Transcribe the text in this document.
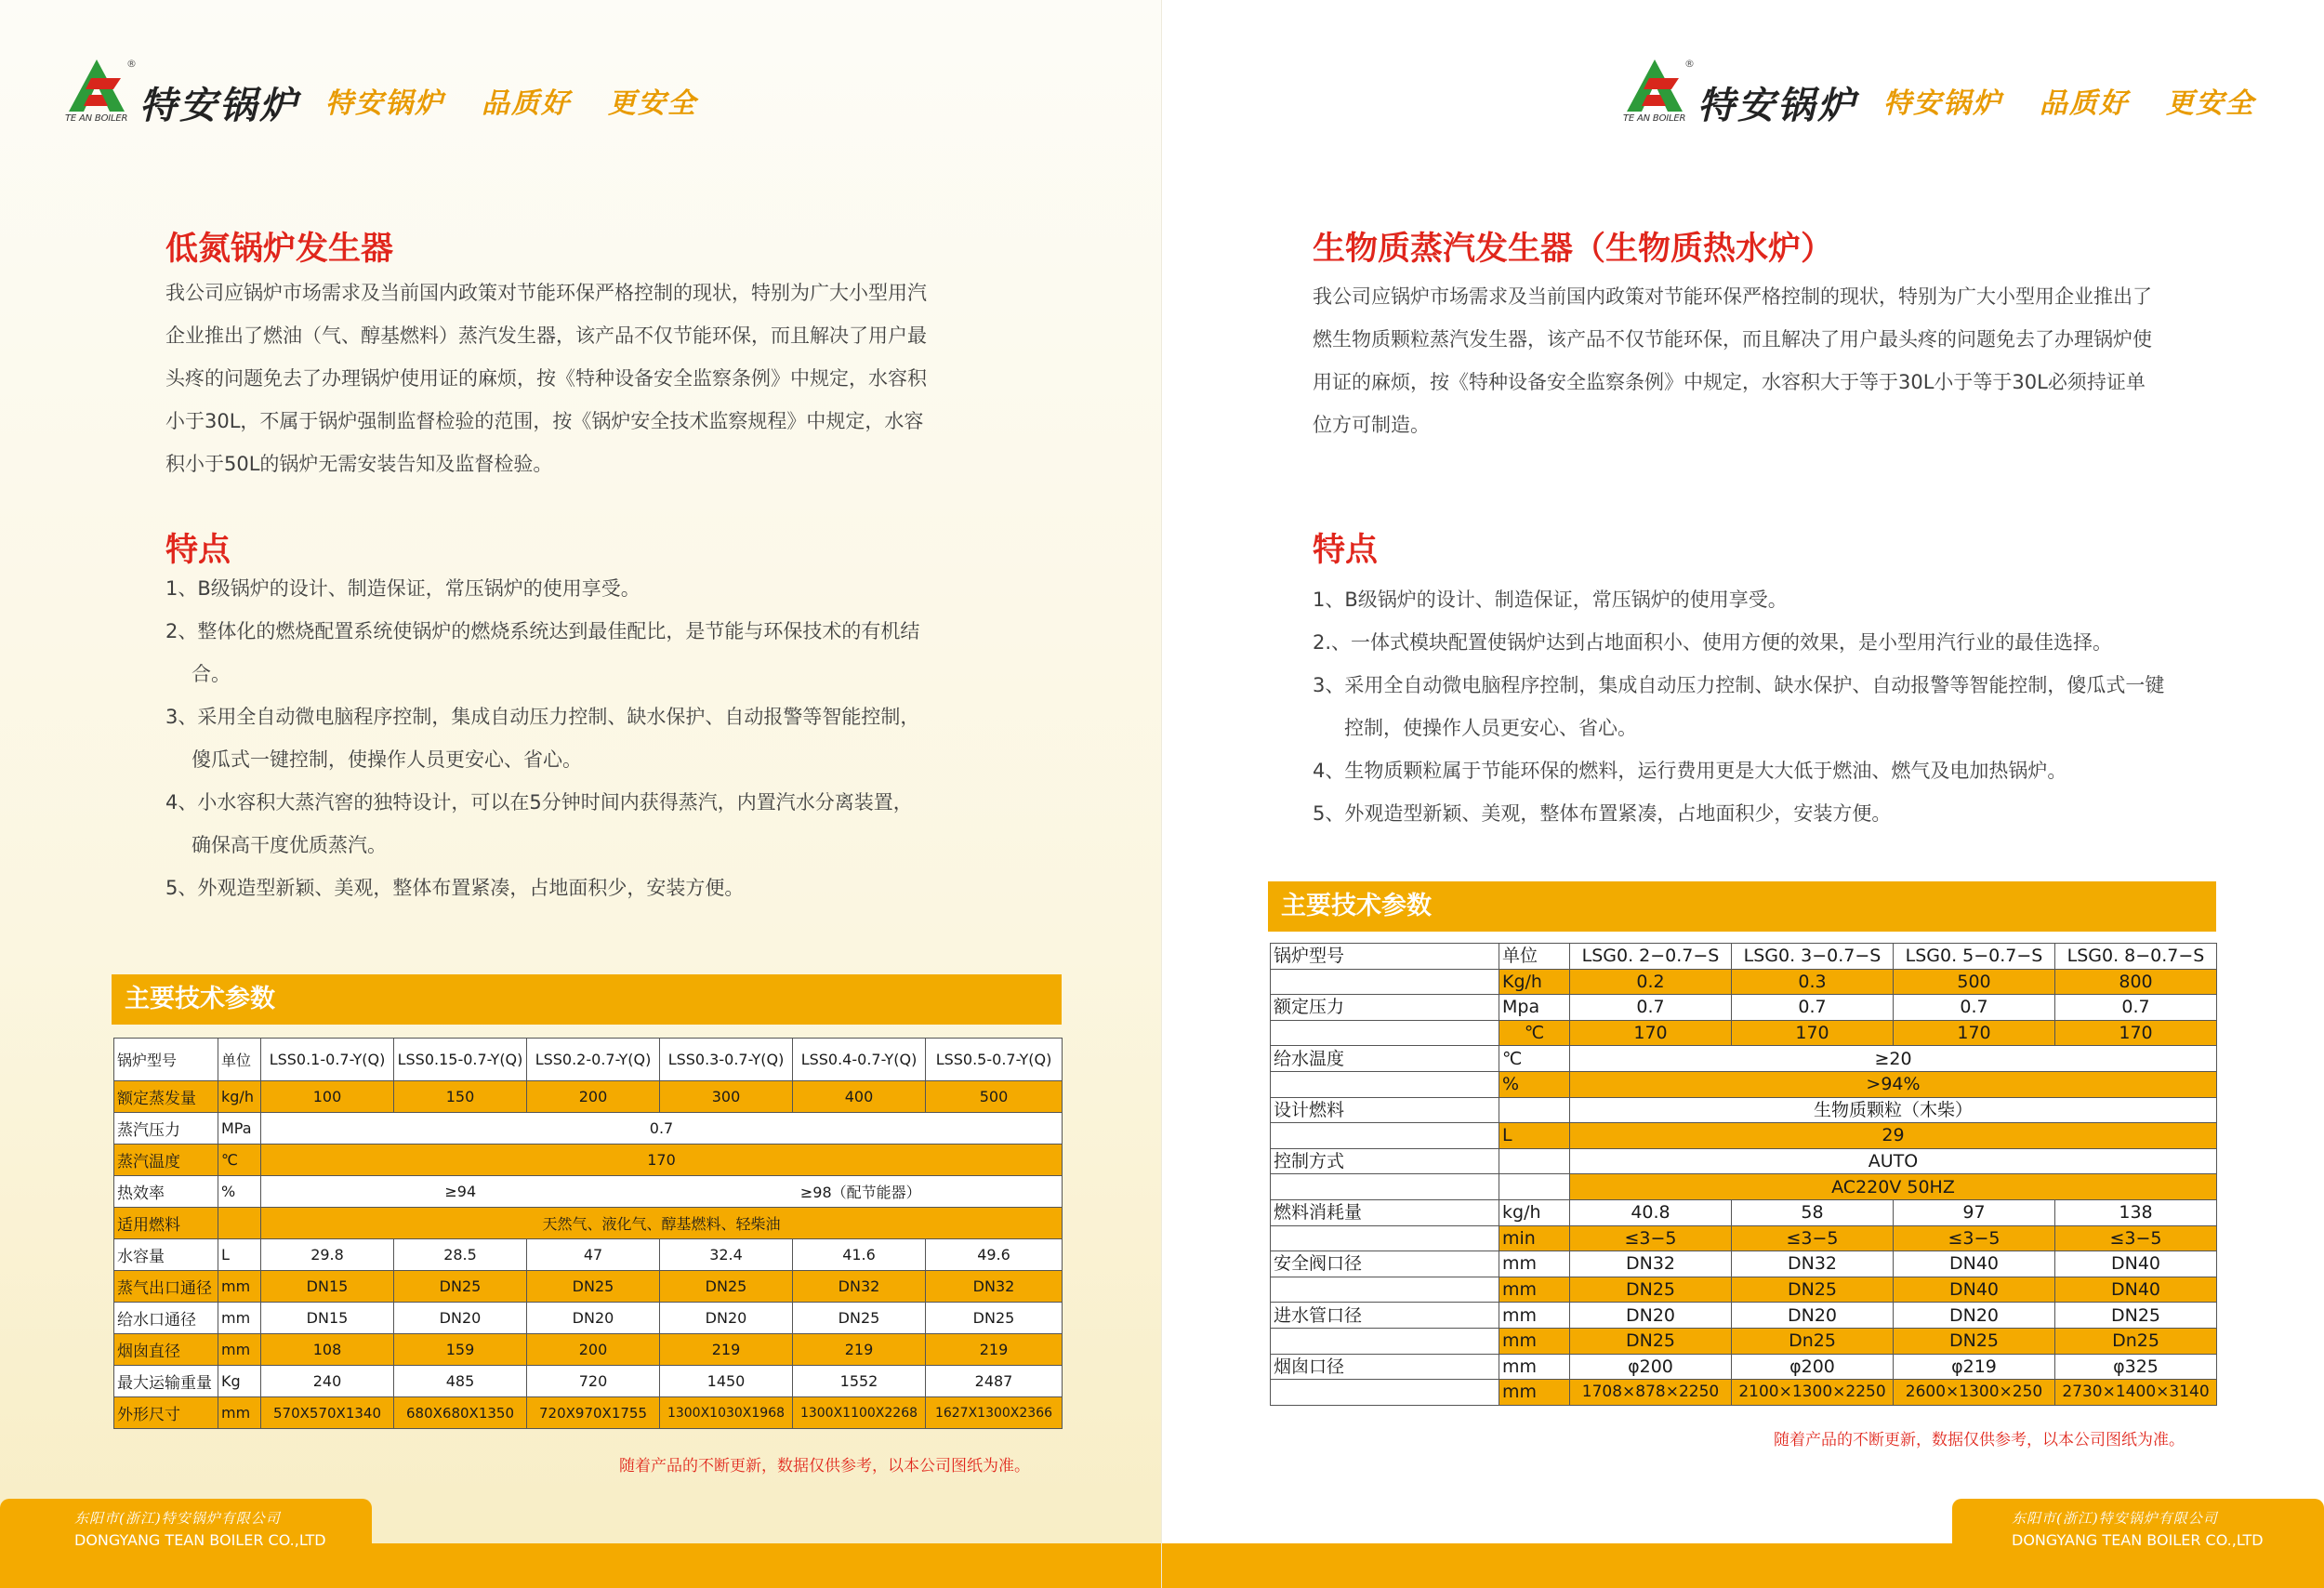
TE AN BOILER
®
特安锅炉 特安锅炉 品质好 更安全
低氮锅炉发生器
我公司应锅炉市场需求及当前国内政策对节能环保严格控制的现状，特别为广大小型用汽
企业推出了燃油（气、醇基燃料）蒸汽发生器，该产品不仅节能环保，而且解决了用户最
头疼的问题免去了办理锅炉使用证的麻烦，按《特种设备安全监察条例》中规定，水容积
小于30L，不属于锅炉强制监督检验的范围，按《锅炉安全技术监察规程》中规定，水容
积小于50L的锅炉无需安装告知及监督检验。
特点
1、B级锅炉的设计、制造保证，常压锅炉的使用享受。
2、整体化的燃烧配置系统使锅炉的燃烧系统达到最佳配比，是节能与环保技术的有机结
合。
3、采用全自动微电脑程序控制，集成自动压力控制、缺水保护、自动报警等智能控制，
傻瓜式一键控制，使操作人员更安心、省心。
4、小水容积大蒸汽窖的独特设计，可以在5分钟时间内获得蒸汽，内置汽水分离装置，
确保高干度优质蒸汽。
5、外观造型新颖、美观，整体布置紧凑，占地面积少，安装方便。
主要技术参数
锅炉型号	单位	LSS0.1-0.7-Y(Q)	LSS0.15-0.7-Y(Q)	LSS0.2-0.7-Y(Q)	LSS0.3-0.7-Y(Q)	LSS0.4-0.7-Y(Q)	LSS0.5-0.7-Y(Q)
额定蒸发量	kg/h	100	150	200	300	400	500
蒸汽压力	MPa	0.7					
蒸汽温度	℃	170					
热效率	%	≥94			≥98（配节能器）		
适用燃料		天然气、液化气、醇基燃料、轻柴油					
水容量	L	29.8	28.5	47	32.4	41.6	49.6
蒸气出口通径	mm	DN15	DN25	DN25	DN25	DN32	DN32
给水口通径	mm	DN15	DN20	DN20	DN20	DN25	DN25
烟囱直径	mm	108	159	200	219	219	219
最大运输重量	Kg	240	485	720	1450	1552	2487
外形尺寸	mm	570X570X1340	680X680X1350	720X970X1755	1300X1030X1968	1300X1100X2268	1627X1300X2366
随着产品的不断更新，数据仅供参考，以本公司图纸为准。
东阳市(浙江)特安锅炉有限公司
DONGYANG TEAN BOILER CO.,LTD
TE AN BOILER
®
特安锅炉 特安锅炉 品质好 更安全
生物质蒸汽发生器（生物质热水炉）
我公司应锅炉市场需求及当前国内政策对节能环保严格控制的现状，特别为广大小型用企业推出了
燃生物质颗粒蒸汽发生器，该产品不仅节能环保，而且解决了用户最头疼的问题免去了办理锅炉使
用证的麻烦，按《特种设备安全监察条例》中规定，水容积大于等于30L小于等于30L必须持证单
位方可制造。
特点
1、B级锅炉的设计、制造保证，常压锅炉的使用享受。
2.、一体式模块配置使锅炉达到占地面积小、使用方便的效果，是小型用汽行业的最佳选择。
3、采用全自动微电脑程序控制，集成自动压力控制、缺水保护、自动报警等智能控制，傻瓜式一键
控制，使操作人员更安心、省心。
4、生物质颗粒属于节能环保的燃料，运行费用更是大大低于燃油、燃气及电加热锅炉。
5、外观造型新颖、美观，整体布置紧凑，占地面积少，安装方便。
主要技术参数
锅炉型号	单位	LSG0. 2−0.7−S	LSG0. 3−0.7−S	LSG0. 5−0.7−S	LSG0. 8−0.7−S
	Kg/h	0.2	0.3	500	800
额定压力	Mpa	0.7	0.7	0.7	0.7
	℃	170	170	170	170
给水温度	℃	≥20			
	%	>94%			
设计燃料		生物质颗粒（木柴）			
	L	29			
控制方式		AUTO			
		AC220V 50HZ			
燃料消耗量	kg/h	40.8	58	97	138
	min	≤3−5	≤3−5	≤3−5	≤3−5
安全阀口径	mm	DN32	DN32	DN40	DN40
	mm	DN25	DN25	DN40	DN40
进水管口径	mm	DN20	DN20	DN20	DN25
	mm	DN25	Dn25	DN25	Dn25
烟囱口径	mm	φ200	φ200	φ219	φ325
	mm	1708×878×2250	2100×1300×2250	2600×1300×250	2730×1400×3140
随着产品的不断更新，数据仅供参考，以本公司图纸为准。
东阳市(浙江)特安锅炉有限公司
DONGYANG TEAN BOILER CO.,LTD
